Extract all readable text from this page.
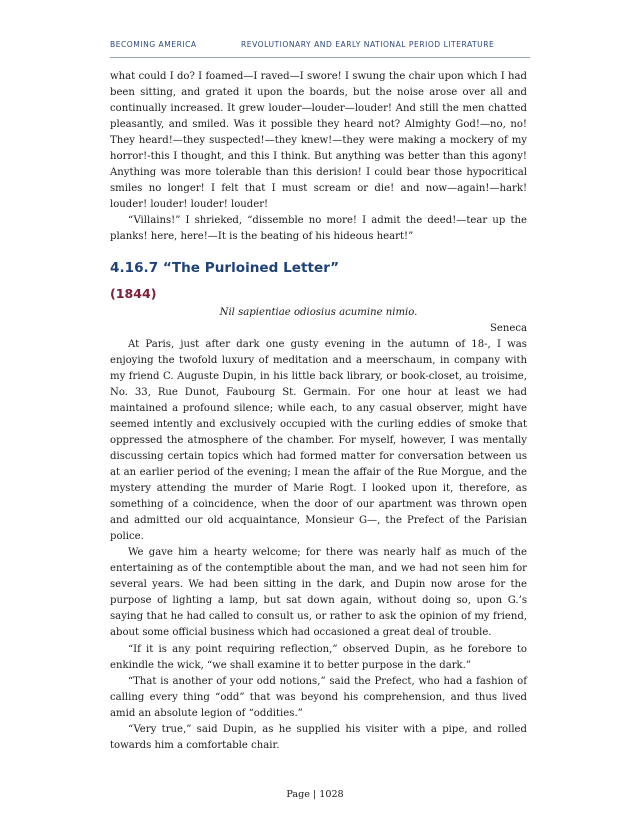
BECOMING AMERICA	REVOLUTIONARY AND EARLY NATIONAL PERIOD LITERATURE

what could I do? I foamed—I raved—I swore! I swung the chair upon which I had been sitting, and grated it upon the boards, but the noise arose over all and continually increased. It grew louder—louder—louder! And still the men chatted pleasantly, and smiled. Was it possible they heard not? Almighty God!—no, no! They heard!—they suspected!—they knew!—they were making a mockery of my horror!-this I thought, and this I think. But anything was better than this agony! Anything was more tolerable than this derision! I could bear those hypocritical smiles no longer! I felt that I must scream or die! and now—again!—hark! louder! louder! louder! louder!

“Villains!” I shrieked, “dissemble no more! I admit the deed!—tear up the planks! here, here!—It is the beating of his hideous heart!”

4.16.7 “The Purloined Letter”
(1844)

Nil sapientiae odiosius acumine nimio.

Seneca

At Paris, just after dark one gusty evening in the autumn of 18-, I was enjoying the twofold luxury of meditation and a meerschaum, in company with my friend C. Auguste Dupin, in his little back library, or book-closet, au troisime, No. 33, Rue Dunot, Faubourg St. Germain. For one hour at least we had maintained a profound silence; while each, to any casual observer, might have seemed intently and exclusively occupied with the curling eddies of smoke that oppressed the atmosphere of the chamber. For myself, however, I was mentally discussing certain topics which had formed matter for conversation between us at an earlier period of the evening; I mean the affair of the Rue Morgue, and the mystery attending the murder of Marie Rogt. I looked upon it, therefore, as something of a coincidence, when the door of our apartment was thrown open and admitted our old acquaintance, Monsieur G—, the Prefect of the Parisian police.

We gave him a hearty welcome; for there was nearly half as much of the entertaining as of the contemptible about the man, and we had not seen him for several years. We had been sitting in the dark, and Dupin now arose for the purpose of lighting a lamp, but sat down again, without doing so, upon G.’s saying that he had called to consult us, or rather to ask the opinion of my friend, about some official business which had occasioned a great deal of trouble.

“If it is any point requiring reflection,” observed Dupin, as he forebore to enkindle the wick, “we shall examine it to better purpose in the dark.”

“That is another of your odd notions,” said the Prefect, who had a fashion of calling every thing “odd” that was beyond his comprehension, and thus lived amid an absolute legion of “oddities.”

“Very true,” said Dupin, as he supplied his visiter with a pipe, and rolled towards him a comfortable chair.

Page | 1028
